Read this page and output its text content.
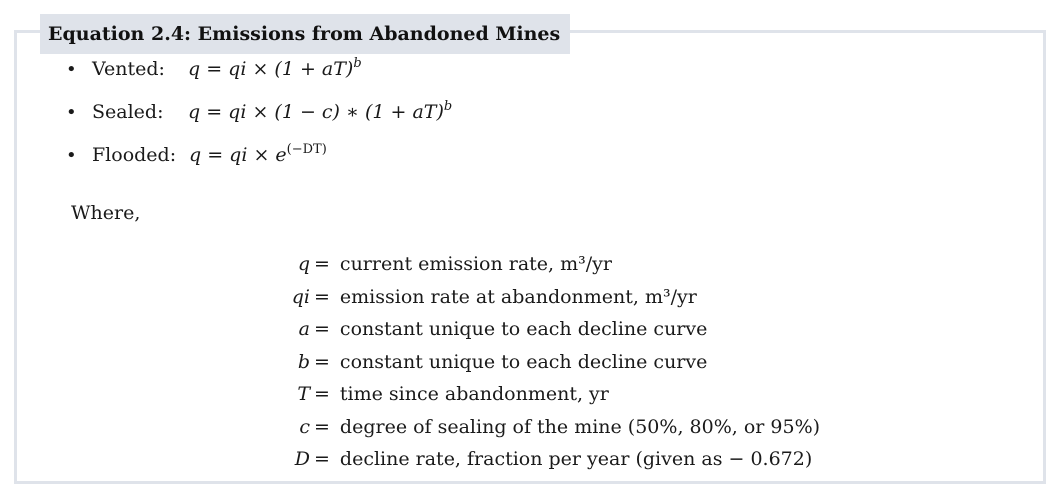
Equation 2.4: Emissions from Abandoned Mines
• Vented:	q = qi × (1 + aT)$^b$
• Sealed:	q = qi × (1 − c) ∗ (1 + aT)$^b$
• Flooded: q = qi × $e^{(-DT)}$
Where,
q	=	current emission rate, m³/yr
qi	=	emission rate at abandonment, m³/yr
a	=	constant unique to each decline curve
b	=	constant unique to each decline curve
T	=	time since abandonment, yr
c	=	degree of sealing of the mine (50%, 80%, or 95%)
D	=	decline rate, fraction per year (given as − 0.672)
